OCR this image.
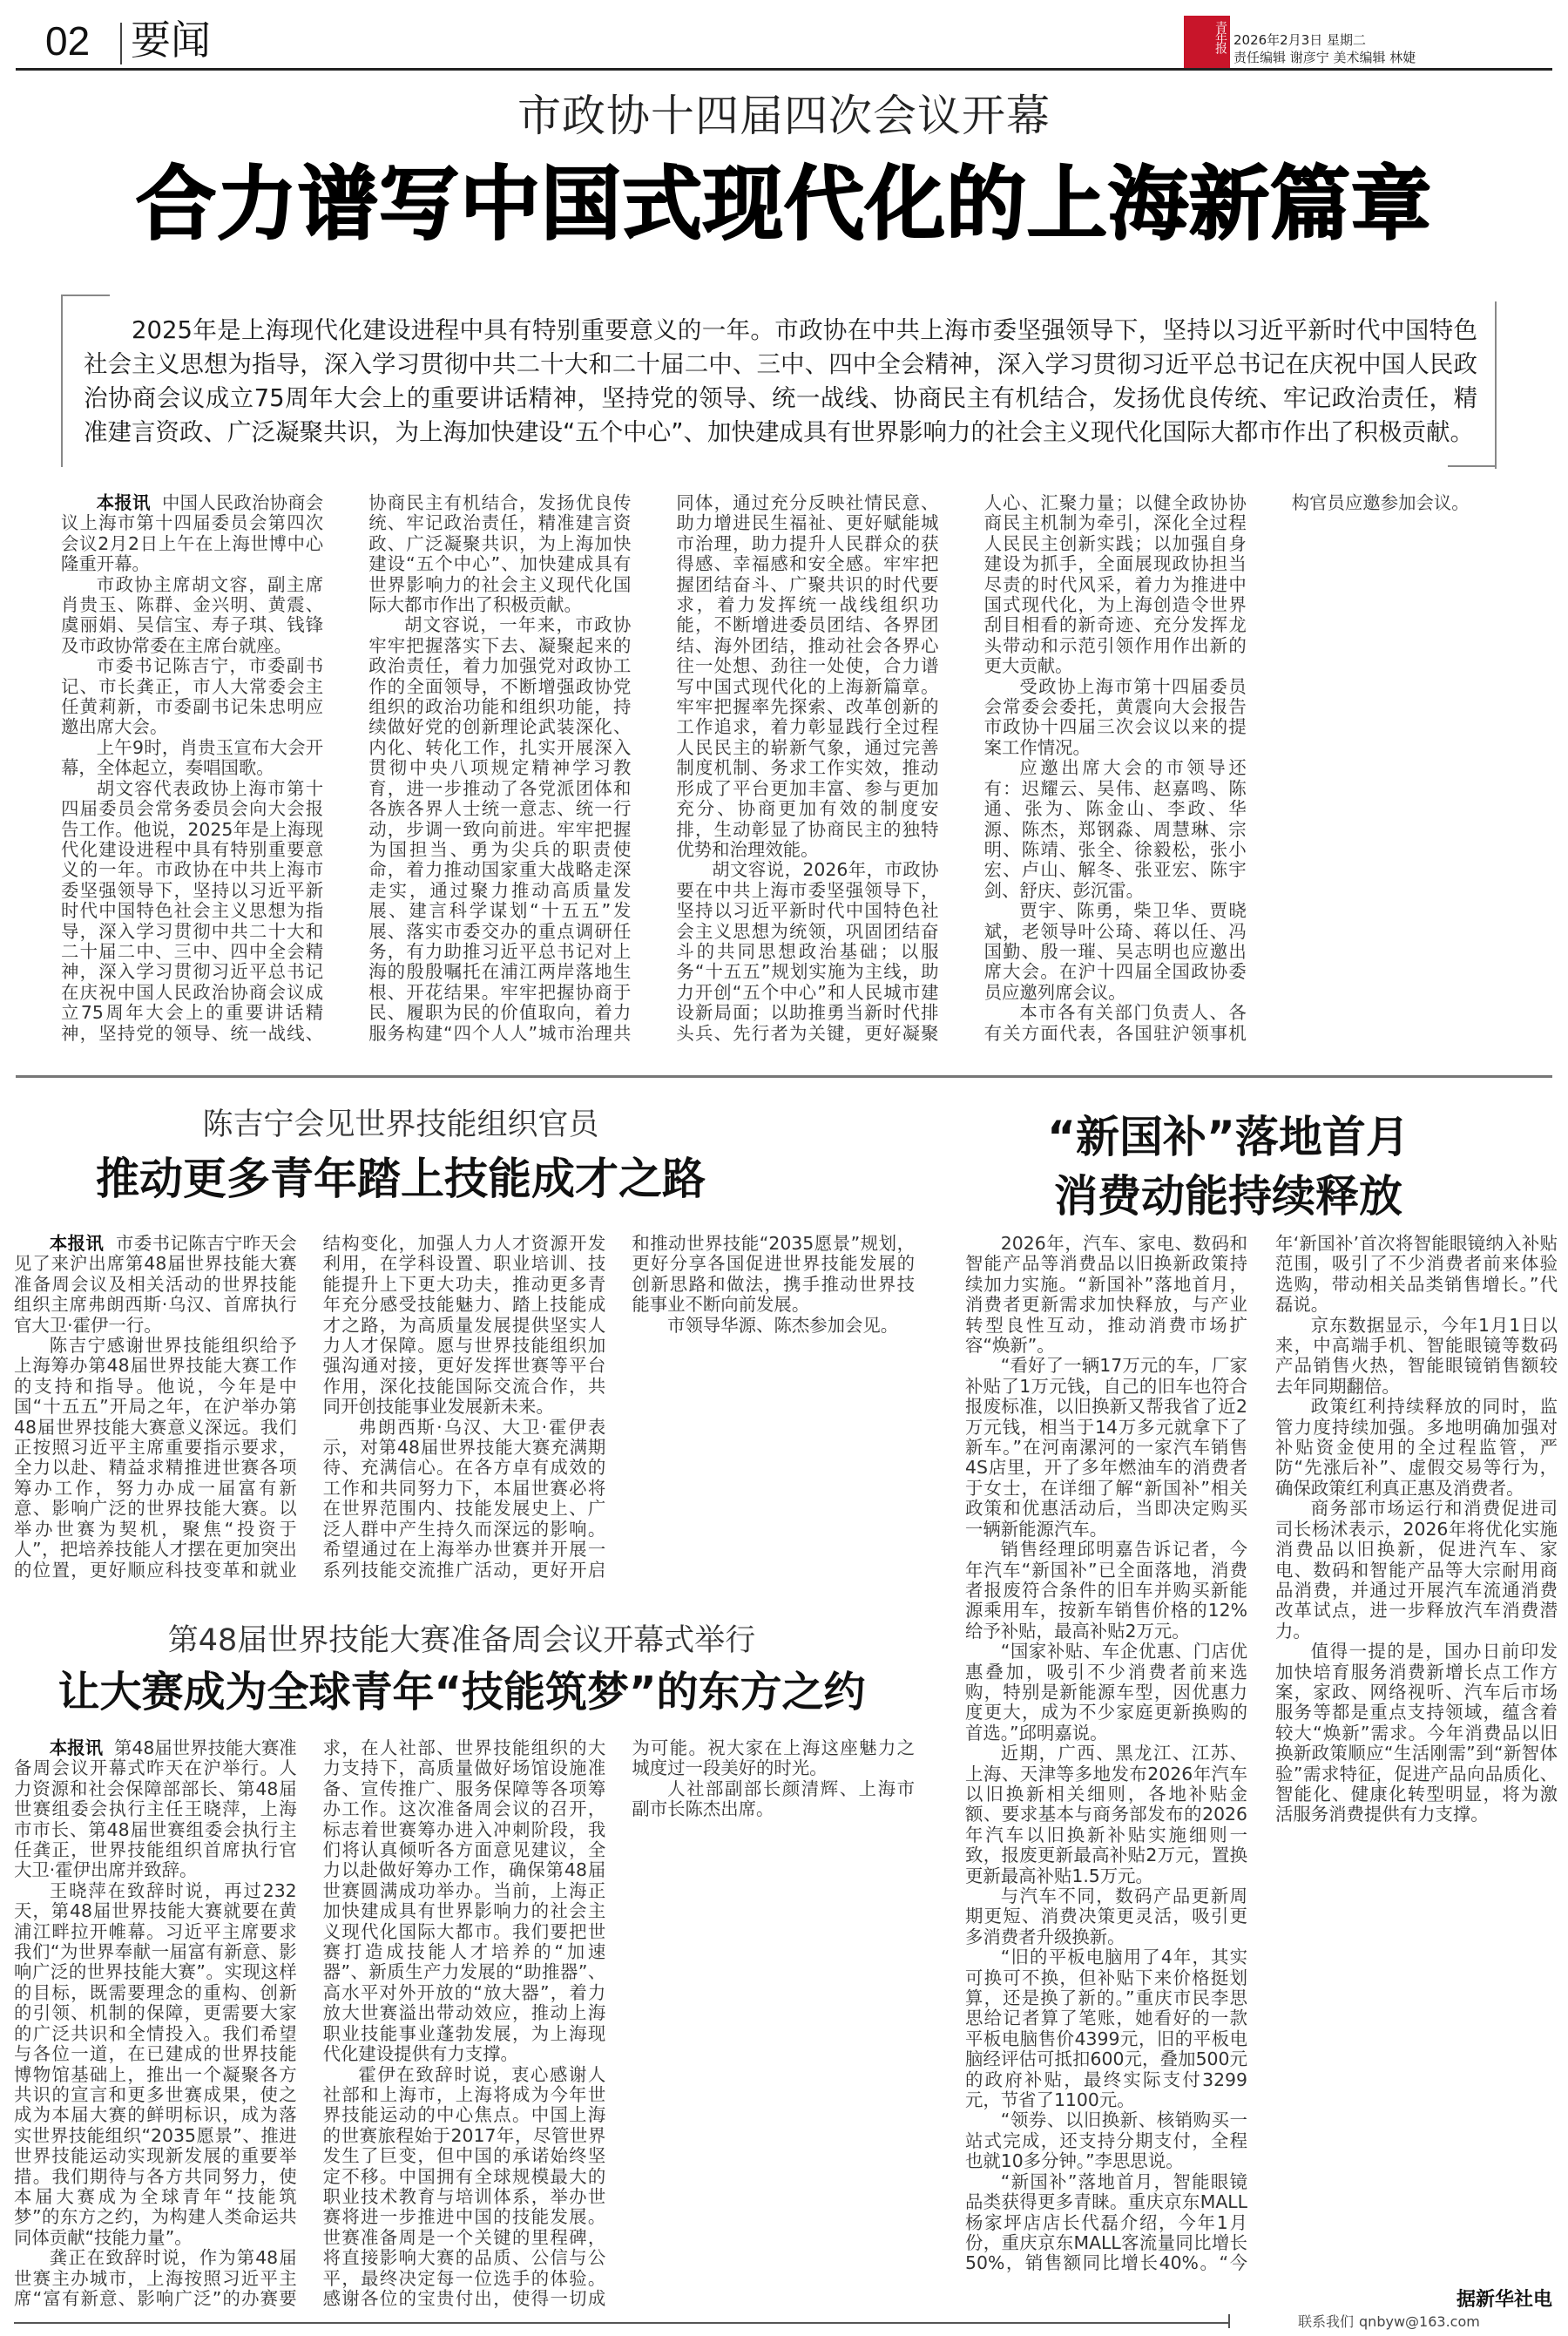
02 要闻	青年报 2026年2月3日 星期二
责任编辑 谢彦宁 美术编辑 林婕
市政协十四届四次会议开幕
合力谱写中国式现代化的上海新篇章
2025年是上海现代化建设进程中具有特别重要意义的一年。市政协在中共上海市委坚强领导下，坚持以习近平新时代中国特色社会主义思想为指导，深入学习贯彻中共二十大和二十届二中、三中、四中全会精神，深入学习贯彻习近平总书记在庆祝中国人民政治协商会议成立75周年大会上的重要讲话精神，坚持党的领导、统一战线、协商民主有机结合，发扬优良传统、牢记政治责任，精准建言资政、广泛凝聚共识，为上海加快建设“五个中心”、加快建成具有世界影响力的社会主义现代化国际大都市作出了积极贡献。

本报讯 中国人民政治协商会议上海市第十四届委员会第四次会议2月2日上午在上海世博中心隆重开幕。

市政协主席胡文容，副主席肖贵玉、陈群、金兴明、黄震、虞丽娟、吴信宝、寿子琪、钱锋及市政协常委在主席台就座。

市委书记陈吉宁，市委副书记、市长龚正，市人大常委会主任黄莉新，市委副书记朱忠明应邀出席大会。

上午9时，肖贵玉宣布大会开幕，全体起立，奏唱国歌。

胡文容代表政协上海市第十四届委员会常务委员会向大会报告工作。他说，2025年是上海现代化建设进程中具有特别重要意义的一年。市政协在中共上海市委坚强领导下，坚持以习近平新时代中国特色社会主义思想为指导，深入学习贯彻中共二十大和二十届二中、三中、四中全会精神，深入学习贯彻习近平总书记在庆祝中国人民政治协商会议成立75周年大会上的重要讲话精神，坚持党的领导、统一战线、协商民主有机结合，发扬优良传统、牢记政治责任，精准建言资政、广泛凝聚共识，为上海加快建设“五个中心”、加快建成具有世界影响力的社会主义现代化国际大都市作出了积极贡献。

胡文容说，一年来，市政协牢牢把握落实下去、凝聚起来的政治责任，着力加强党对政协工作的全面领导，不断增强政协党组织的政治功能和组织功能，持续做好党的创新理论武装深化、内化、转化工作，扎实开展深入贯彻中央八项规定精神学习教育，进一步推动了各党派团体和各族各界人士统一意志、统一行动，步调一致向前进。牢牢把握为国担当、勇为尖兵的职责使命，着力推动国家重大战略走深走实，通过聚力推动高质量发展、建言科学谋划“十五五”发展、落实市委交办的重点调研任务，有力助推习近平总书记对上海的殷殷嘱托在浦江两岸落地生根、开花结果。牢牢把握协商于民、履职为民的价值取向，着力服务构建“四个人人”城市治理共同体，通过充分反映社情民意、助力增进民生福祉、更好赋能城市治理，助力提升人民群众的获得感、幸福感和安全感。牢牢把握团结奋斗、广聚共识的时代要求，着力发挥统一战线组织功能，不断增进委员团结、各界团结、海外团结，推动社会各界心往一处想、劲往一处使，合力谱写中国式现代化的上海新篇章。牢牢把握率先探索、改革创新的工作追求，着力彰显践行全过程人民民主的崭新气象，通过完善制度机制、务求工作实效，推动形成了平台更加丰富、参与更加充分、协商更加有效的制度安排，生动彰显了协商民主的独特优势和治理效能。

胡文容说，2026年，市政协要在中共上海市委坚强领导下，坚持以习近平新时代中国特色社会主义思想为统领，巩固团结奋斗的共同思想政治基础；以服务“十五五”规划实施为主线，助力开创“五个中心”和人民城市建设新局面；以助推勇当新时代排头兵、先行者为关键，更好凝聚人心、汇聚力量；以健全政协协商民主机制为牵引，深化全过程人民民主创新实践；以加强自身建设为抓手，全面展现政协担当尽责的时代风采，着力为推进中国式现代化，为上海创造令世界刮目相看的新奇迹、充分发挥龙头带动和示范引领作用作出新的更大贡献。

受政协上海市第十四届委员会常委会委托，黄震向大会报告市政协十四届三次会议以来的提案工作情况。

应邀出席大会的市领导还有：迟耀云、吴伟、赵嘉鸣、陈通、张为、陈金山、李政、华源、陈杰，郑钢淼、周慧琳、宗明、陈靖、张全、徐毅松，张小宏、卢山、解冬、张亚宏、陈宇剑、舒庆、彭沉雷。

贾宇、陈勇，柴卫华、贾晓斌，老领导叶公琦、蒋以任、冯国勤、殷一璀、吴志明也应邀出席大会。在沪十四届全国政协委员应邀列席会议。

本市各有关部门负责人、各有关方面代表，各国驻沪领事机构官员应邀参加会议。

陈吉宁会见世界技能组织官员
推动更多青年踏上技能成才之路

本报讯 市委书记陈吉宁昨天会见了来沪出席第48届世界技能大赛准备周会议及相关活动的世界技能组织主席弗朗西斯·乌汉、首席执行官大卫·霍伊一行。

陈吉宁感谢世界技能组织给予上海筹办第48届世界技能大赛工作的支持和指导。他说，今年是中国“十五五”开局之年，在沪举办第48届世界技能大赛意义深远。我们正按照习近平主席重要指示要求，全力以赴、精益求精推进世赛各项筹办工作，努力办成一届富有新意、影响广泛的世界技能大赛。以举办世赛为契机，聚焦“投资于人”，把培养技能人才摆在更加突出的位置，更好顺应科技变革和就业结构变化，加强人力人才资源开发利用，在学科设置、职业培训、技能提升上下更大功夫，推动更多青年充分感受技能魅力、踏上技能成才之路，为高质量发展提供坚实人力人才保障。愿与世界技能组织加强沟通对接，更好发挥世赛等平台作用，深化技能国际交流合作，共同开创技能事业发展新未来。

弗朗西斯·乌汉、大卫·霍伊表示，对第48届世界技能大赛充满期待、充满信心。在各方卓有成效的工作和共同努力下，本届世赛必将在世界范围内、技能发展史上、广泛人群中产生持久而深远的影响。希望通过在上海举办世赛并开展一系列技能交流推广活动，更好开启和推动世界技能“2035愿景”规划，更好分享各国促进世界技能发展的创新思路和做法，携手推动世界技能事业不断向前发展。

市领导华源、陈杰参加会见。

第48届世界技能大赛准备周会议开幕式举行
让大赛成为全球青年“技能筑梦”的东方之约

本报讯 第48届世界技能大赛准备周会议开幕式昨天在沪举行。人力资源和社会保障部部长、第48届世赛组委会执行主任王晓萍，上海市市长、第48届世赛组委会执行主任龚正，世界技能组织首席执行官大卫·霍伊出席并致辞。

王晓萍在致辞时说，再过232天，第48届世界技能大赛就要在黄浦江畔拉开帷幕。习近平主席要求我们“为世界奉献一届富有新意、影响广泛的世界技能大赛”。实现这样的目标，既需要理念的重构、创新的引领、机制的保障，更需要大家的广泛共识和全情投入。我们希望与各位一道，在已建成的世界技能博物馆基础上，推出一个凝聚各方共识的宣言和更多世赛成果，使之成为本届大赛的鲜明标识，成为落实世界技能组织“2035愿景”、推进世界技能运动实现新发展的重要举措。我们期待与各方共同努力，使本届大赛成为全球青年“技能筑梦”的东方之约，为构建人类命运共同体贡献“技能力量”。

龚正在致辞时说，作为第48届世赛主办城市，上海按照习近平主席“富有新意、影响广泛”的办赛要求，在人社部、世界技能组织的大力支持下，高质量做好场馆设施准备、宣传推广、服务保障等各项筹办工作。这次准备周会议的召开，标志着世赛筹办进入冲刺阶段，我们将认真倾听各方面意见建议，全力以赴做好筹办工作，确保第48届世赛圆满成功举办。当前，上海正加快建成具有世界影响力的社会主义现代化国际大都市。我们要把世赛打造成技能人才培养的“加速器”、新质生产力发展的“助推器”、高水平对外开放的“放大器”，着力放大世赛溢出带动效应，推动上海职业技能事业蓬勃发展，为上海现代化建设提供有力支撑。

霍伊在致辞时说，衷心感谢人社部和上海市，上海将成为今年世界技能运动的中心焦点。中国上海的世赛旅程始于2017年，尽管世界发生了巨变，但中国的承诺始终坚定不移。中国拥有全球规模最大的职业技术教育与培训体系，举办世赛将进一步推进中国的技能发展。世赛准备周是一个关键的里程碑，将直接影响大赛的品质、公信与公平，最终决定每一位选手的体验。感谢各位的宝贵付出，使得一切成为可能。祝大家在上海这座魅力之城度过一段美好的时光。

人社部副部长颜清辉、上海市副市长陈杰出席。

“新国补”落地首月
消费动能持续释放

2026年，汽车、家电、数码和智能产品等消费品以旧换新政策持续加力实施。“新国补”落地首月，消费者更新需求加快释放，与产业转型良性互动，推动消费市场扩容“焕新”。

“看好了一辆17万元的车，厂家补贴了1万元钱，自己的旧车也符合报废标准，以旧换新又帮我省了近2万元钱，相当于14万多元就拿下了新车。”在河南漯河的一家汽车销售4S店里，开了多年燃油车的消费者于女士，在详细了解“新国补”相关政策和优惠活动后，当即决定购买一辆新能源汽车。

销售经理邱明嘉告诉记者，今年汽车“新国补”已全面落地，消费者报废符合条件的旧车并购买新能源乘用车，按新车销售价格的12%给予补贴，最高补贴2万元。

“国家补贴、车企优惠、门店优惠叠加，吸引不少消费者前来选购，特别是新能源车型，因优惠力度更大，成为不少家庭更新换购的首选。”邱明嘉说。

近期，广西、黑龙江、江苏、上海、天津等多地发布2026年汽车以旧换新相关细则，各地补贴金额、要求基本与商务部发布的2026年汽车以旧换新补贴实施细则一致，报废更新最高补贴2万元，置换更新最高补贴1.5万元。

与汽车不同，数码产品更新周期更短、消费决策更灵活，吸引更多消费者升级换新。

“旧的平板电脑用了4年，其实可换可不换，但补贴下来价格挺划算，还是换了新的。”重庆市民李思思给记者算了笔账，她看好的一款平板电脑售价4399元，旧的平板电脑经评估可抵扣600元，叠加500元的政府补贴，最终实际支付3299元，节省了1100元。

“领券、以旧换新、核销购买一站式完成，还支持分期支付，全程也就10多分钟。”李思思说。

“新国补”落地首月，智能眼镜品类获得更多青睐。重庆京东MALL杨家坪店店长代磊介绍，今年1月份，重庆京东MALL客流量同比增长50%，销售额同比增长40%。“今年‘新国补’首次将智能眼镜纳入补贴范围，吸引了不少消费者前来体验选购，带动相关品类销售增长。”代磊说。

京东数据显示，今年1月1日以来，中高端手机、智能眼镜等数码产品销售火热，智能眼镜销售额较去年同期翻倍。

政策红利持续释放的同时，监管力度持续加强。多地明确加强对补贴资金使用的全过程监管，严防“先涨后补”、虚假交易等行为，确保政策红利真正惠及消费者。

商务部市场运行和消费促进司司长杨沭表示，2026年将优化实施消费品以旧换新，促进汽车、家电、数码和智能产品等大宗耐用商品消费，并通过开展汽车流通消费改革试点，进一步释放汽车消费潜力。

值得一提的是，国办日前印发加快培育服务消费新增长点工作方案，家政、网络视听、汽车后市场服务等都是重点支持领域，蕴含着较大“焕新”需求。今年消费品以旧换新政策顺应“生活刚需”到“新智体验”需求特征，促进产品向品质化、智能化、健康化转型明显，将为激活服务消费提供有力支撑。

据新华社电
联系我们 qnbyw@163.com
